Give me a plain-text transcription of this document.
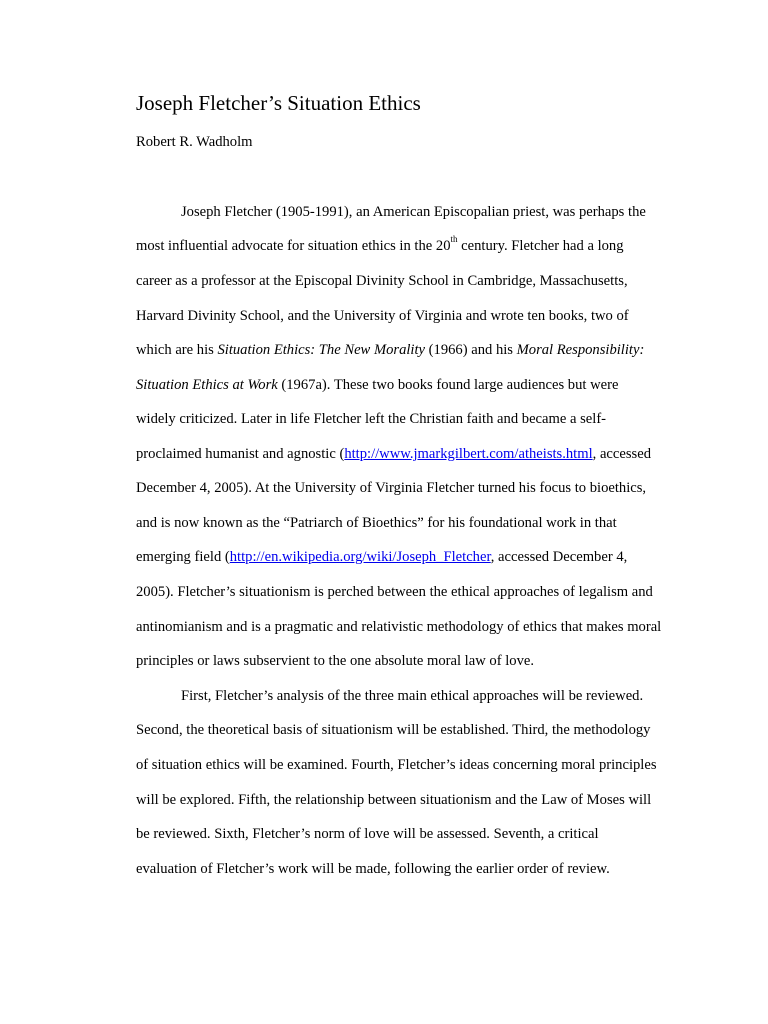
Joseph Fletcher’s Situation Ethics
Robert R. Wadholm
Joseph Fletcher (1905-1991), an American Episcopalian priest, was perhaps the
most influential advocate for situation ethics in the 20th century. Fletcher had a long
career as a professor at the Episcopal Divinity School in Cambridge, Massachusetts,
Harvard Divinity School, and the University of Virginia and wrote ten books, two of
which are his Situation Ethics: The New Morality (1966) and his Moral Responsibility:
Situation Ethics at Work (1967a). These two books found large audiences but were
widely criticized. Later in life Fletcher left the Christian faith and became a self-
proclaimed humanist and agnostic (http://www.jmarkgilbert.com/atheists.html, accessed
December 4, 2005). At the University of Virginia Fletcher turned his focus to bioethics,
and is now known as the “Patriarch of Bioethics” for his foundational work in that
emerging field (http://en.wikipedia.org/wiki/Joseph_Fletcher, accessed December 4,
2005). Fletcher’s situationism is perched between the ethical approaches of legalism and
antinomianism and is a pragmatic and relativistic methodology of ethics that makes moral
principles or laws subservient to the one absolute moral law of love.
First, Fletcher’s analysis of the three main ethical approaches will be reviewed.
Second, the theoretical basis of situationism will be established. Third, the methodology
of situation ethics will be examined. Fourth, Fletcher’s ideas concerning moral principles
will be explored. Fifth, the relationship between situationism and the Law of Moses will
be reviewed. Sixth, Fletcher’s norm of love will be assessed. Seventh, a critical
evaluation of Fletcher’s work will be made, following the earlier order of review.
